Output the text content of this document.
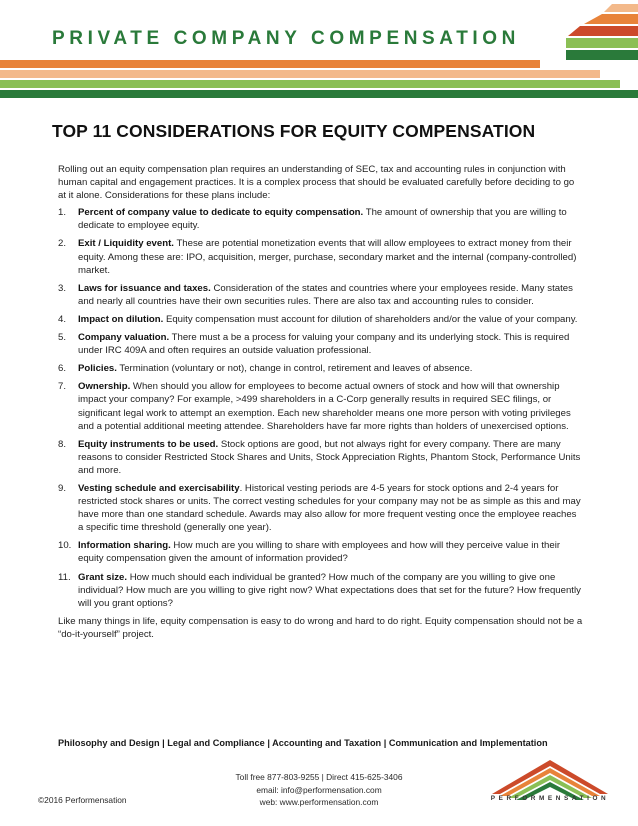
PRIVATE COMPANY COMPENSATION
TOP 11 CONSIDERATIONS FOR EQUITY COMPENSATION

Rolling out an equity compensation plan requires an understanding of SEC, tax and accounting rules in conjunction with human capital and engagement practices. It is a complex process that should be evaluated carefully before deciding to go at it alone. Considerations for these plans include:

1. Percent of company value to dedicate to equity compensation. The amount of ownership that you are willing to dedicate to employee equity.
2. Exit / Liquidity event. These are potential monetization events that will allow employees to extract money from their equity. Among these are: IPO, acquisition, merger, purchase, secondary market and the internal (company-controlled) market.
3. Laws for issuance and taxes. Consideration of the states and countries where your employees reside. Many states and nearly all countries have their own securities rules. There are also tax and accounting rules to consider.
4. Impact on dilution. Equity compensation must account for dilution of shareholders and/or the value of your company.
5. Company valuation. There must a be a process for valuing your company and its underlying stock. This is required under IRC 409A and often requires an outside valuation professional.
6. Policies. Termination (voluntary or not), change in control, retirement and leaves of absence.
7. Ownership. When should you allow for employees to become actual owners of stock and how will that ownership impact your company? For example, >499 shareholders in a C-Corp generally results in required SEC filings, or significant legal work to attempt an exemption. Each new shareholder means one more person with voting privileges and a potential additional meeting attendee. Shareholders have far more rights than holders of unexercised options.
8. Equity instruments to be used. Stock options are good, but not always right for every company. There are many reasons to consider Restricted Stock Shares and Units, Stock Appreciation Rights, Phantom Stock, Performance Units and more.
9. Vesting schedule and exercisability. Historical vesting periods are 4-5 years for stock options and 2-4 years for restricted stock shares or units. The correct vesting schedules for your company may not be as simple as this and may have more than one standard schedule. Awards may also allow for more frequent vesting once the employee reaches a specific time threshold (generally one year).
10. Information sharing. How much are you willing to share with employees and how will they perceive value in their equity compensation given the amount of information provided?
11. Grant size. How much should each individual be granted? How much of the company are you willing to give one individual? How much are you willing to give right now? What expectations does that set for the future? How frequently will you grant options?

Like many things in life, equity compensation is easy to do wrong and hard to do right. Equity compensation should not be a “do-it-yourself” project.

Philosophy and Design | Legal and Compliance | Accounting and Taxation | Communication and Implementation
Toll free 877-803-9255 | Direct 415-625-3406
email: info@performensation.com
web: www.performensation.com
©2016 Performensation	PERFORMENSATION
